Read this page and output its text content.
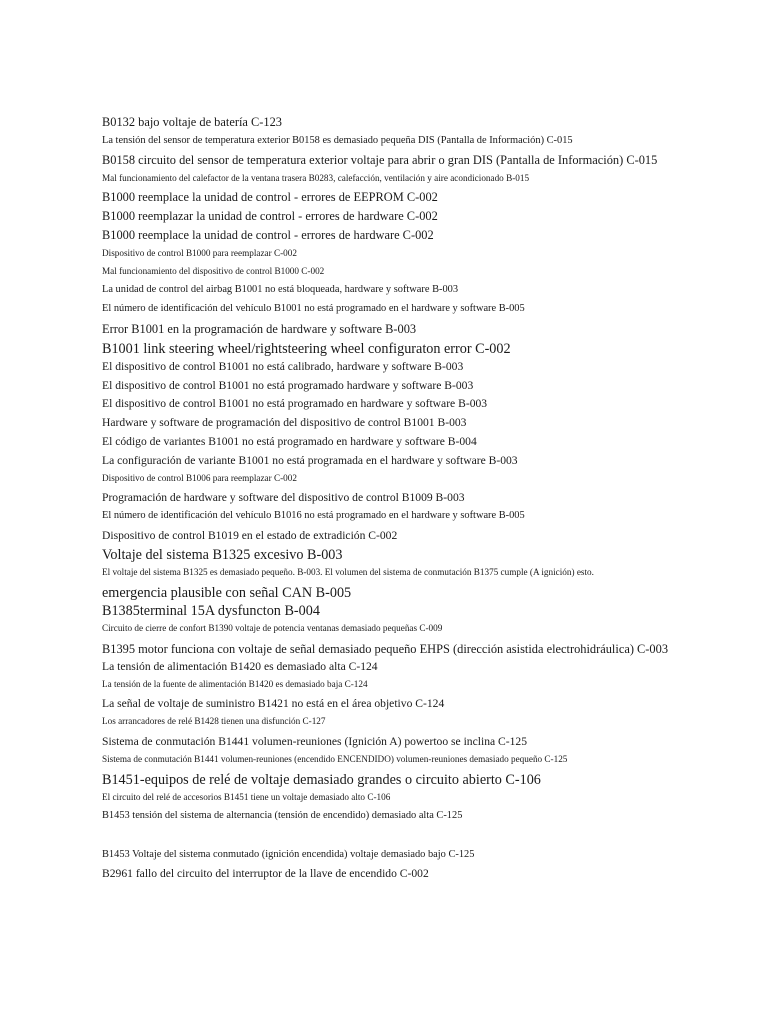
B0132 bajo voltaje de batería C-123
La tensión del sensor de temperatura exterior B0158 es demasiado pequeña DIS (Pantalla de Información) C-015
B0158 circuito del sensor de temperatura exterior voltaje para abrir o gran DIS (Pantalla de Información) C-015
Mal funcionamiento del calefactor de la ventana trasera B0283, calefacción, ventilación y aire acondicionado B-015
B1000 reemplace la unidad de control - errores de EEPROM C-002
B1000 reemplazar la unidad de control - errores de hardware C-002
B1000 reemplace la unidad de control - errores de hardware C-002
Dispositivo de control B1000 para reemplazar C-002
Mal funcionamiento del dispositivo de control B1000 C-002
La unidad de control del airbag B1001 no está bloqueada, hardware y software B-003
El número de identificación del vehículo B1001 no está programado en el hardware y software B-005
Error B1001 en la programación de hardware y software B-003
B1001 link steering wheel/rightsteering wheel configuraton error C-002
El dispositivo de control B1001 no está calibrado, hardware y software B-003
El dispositivo de control B1001 no está programado hardware y software B-003
El dispositivo de control B1001 no está programado en hardware y software B-003
Hardware y software de programación del dispositivo de control B1001 B-003
El código de variantes B1001 no está programado en hardware y software B-004
La configuración de variante B1001 no está programada en el hardware y software B-003
Dispositivo de control B1006 para reemplazar C-002
Programación de hardware y software del dispositivo de control B1009 B-003
El número de identificación del vehículo B1016 no está programado en el hardware y software B-005
Dispositivo de control B1019 en el estado de extradición C-002
Voltaje del sistema B1325 excesivo B-003
El voltaje del sistema B1325 es demasiado pequeño. B-003. El volumen del sistema de conmutación B1375 cumple (A ignición) esto.
emergencia plausible con señal CAN B-005
B1385terminal 15A dysfuncton B-004
Circuito de cierre de confort B1390 voltaje de potencia ventanas demasiado pequeñas C-009
B1395 motor funciona con voltaje de señal demasiado pequeño EHPS (dirección asistida electrohidráulica) C-003
La tensión de alimentación B1420 es demasiado alta C-124
La tensión de la fuente de alimentación B1420 es demasiado baja C-124
La señal de voltaje de suministro B1421 no está en el área objetivo C-124
Los arrancadores de relé B1428 tienen una disfunción C-127
Sistema de conmutación B1441 volumen-reuniones (Ignición A) powertoo se inclina C-125
Sistema de conmutación B1441 volumen-reuniones (encendido ENCENDIDO) volumen-reuniones demasiado pequeño C-125
B1451-equipos de relé de voltaje demasiado grandes o circuito abierto C-106
El circuito del relé de accesorios B1451 tiene un voltaje demasiado alto C-106
B1453 tensión del sistema de alternancia (tensión de encendido) demasiado alta C-125
B1453 Voltaje del sistema conmutado (ignición encendida) voltaje demasiado bajo C-125
B2961 fallo del circuito del interruptor de la llave de encendido C-002
